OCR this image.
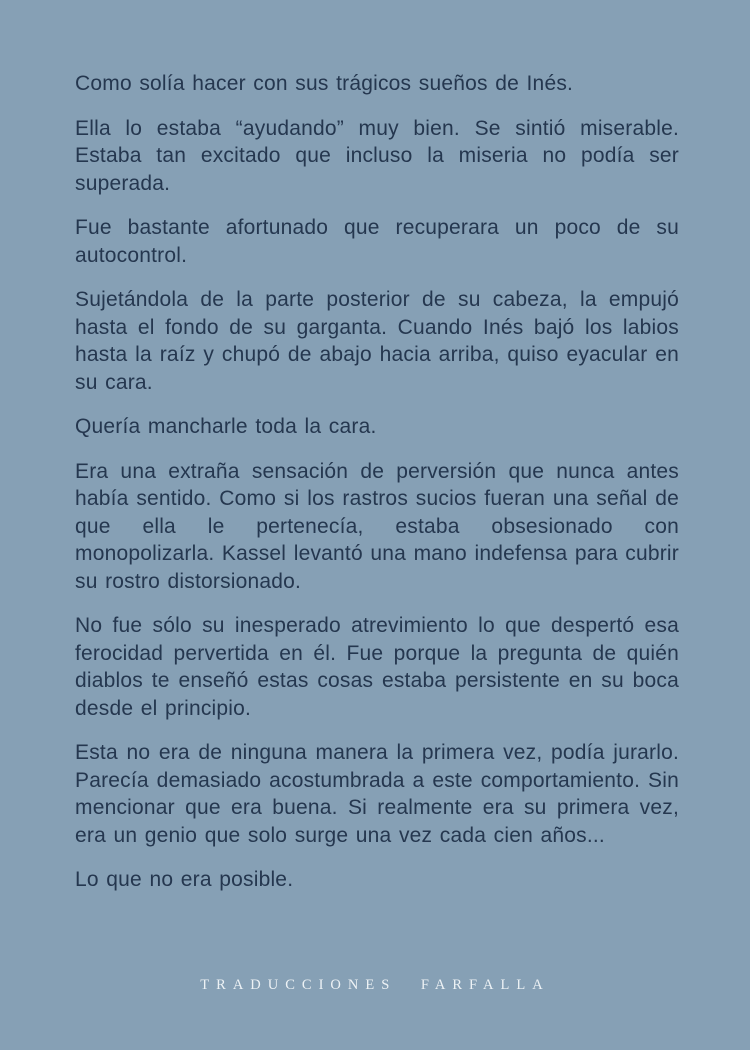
Como solía hacer con sus trágicos sueños de Inés.

Ella lo estaba “ayudando” muy bien. Se sintió miserable. Estaba tan excitado que incluso la miseria no podía ser superada.

Fue bastante afortunado que recuperara un poco de su autocontrol.

Sujetándola de la parte posterior de su cabeza, la empujó hasta el fondo de su garganta. Cuando Inés bajó los labios hasta la raíz y chupó de abajo hacia arriba, quiso eyacular en su cara.

Quería mancharle toda la cara.

Era una extraña sensación de perversión que nunca antes había sentido. Como si los rastros sucios fueran una señal de que ella le pertenecía, estaba obsesionado con monopolizarla. Kassel levantó una mano indefensa para cubrir su rostro distorsionado.

No fue sólo su inesperado atrevimiento lo que despertó esa ferocidad pervertida en él. Fue porque la pregunta de quién diablos te enseñó estas cosas estaba persistente en su boca desde el principio.

Esta no era de ninguna manera la primera vez, podía jurarlo. Parecía demasiado acostumbrada a este comportamiento. Sin mencionar que era buena. Si realmente era su primera vez, era un genio que solo surge una vez cada cien años...

Lo que no era posible.

TRADUCCIONES FARFALLA
